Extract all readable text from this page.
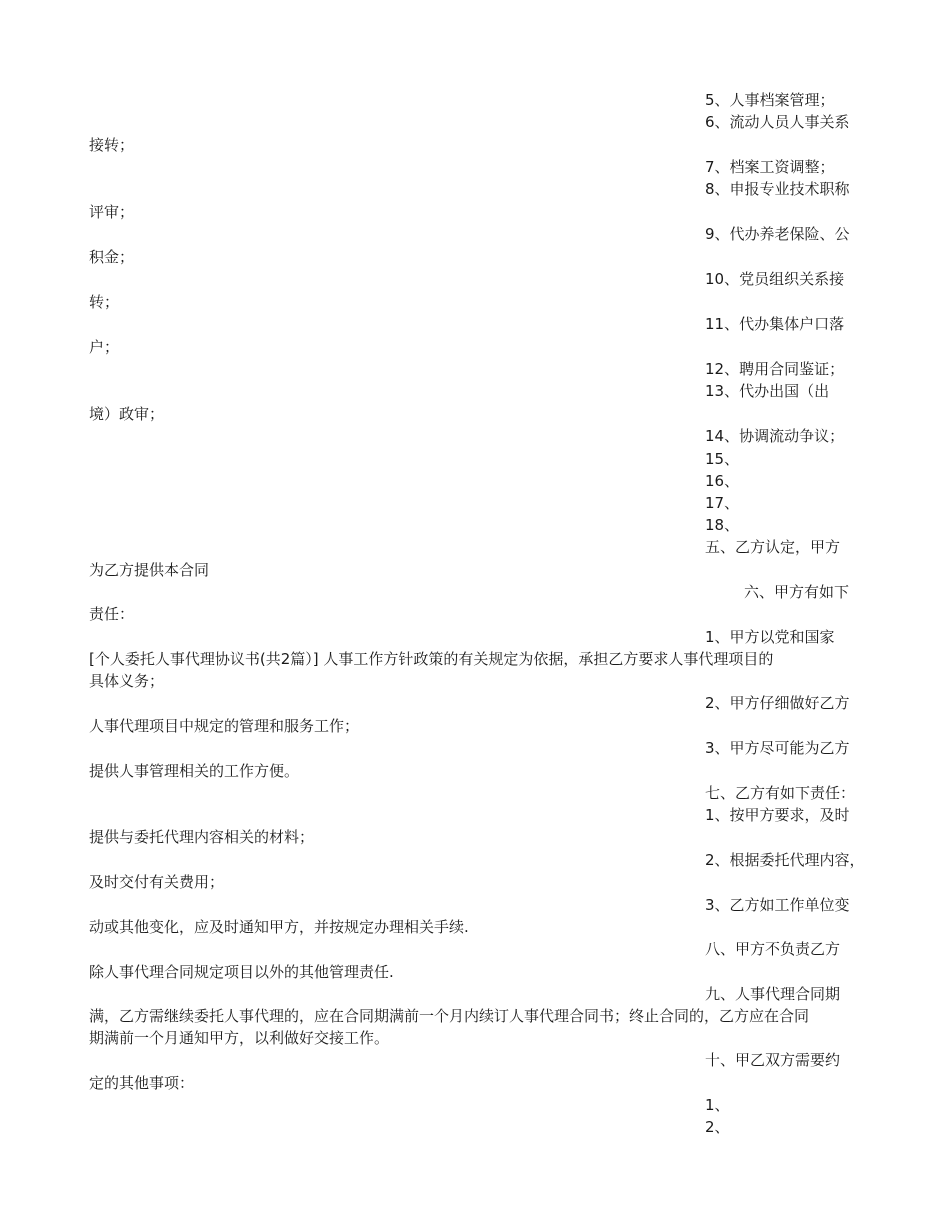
5、人事档案管理；

6、流动人员人事关系

接转；

7、档案工资调整；

8、申报专业技术职称

评审；

9、代办养老保险、公

积金；

10、党员组织关系接

转；

11、代办集体户口落

户；

12、聘用合同鉴证；

13、代办出国（出

境）政审；

14、协调流动争议；

15、

16、

17、

18、

五、乙方认定，甲方

为乙方提供本合同

六、甲方有如下

责任：

1、甲方以党和国家

[个人委托人事代理协议书(共2篇）] 人事工作方针政策的有关规定为依据，承担乙方要求人事代理项目的

具体义务；

2、甲方仔细做好乙方

人事代理项目中规定的管理和服务工作；

3、甲方尽可能为乙方

提供人事管理相关的工作方便。

七、乙方有如下责任：

1、按甲方要求，及时

提供与委托代理内容相关的材料；

2、根据委托代理内容，

及时交付有关费用；

3、乙方如工作单位变

动或其他变化，应及时通知甲方，并按规定办理相关手续.

八、甲方不负责乙方

除人事代理合同规定项目以外的其他管理责任.

九、人事代理合同期

满，乙方需继续委托人事代理的，应在合同期满前一个月内续订人事代理合同书；终止合同的，乙方应在合同

期满前一个月通知甲方，以利做好交接工作。

十、甲乙双方需要约

定的其他事项：

1、

2、
